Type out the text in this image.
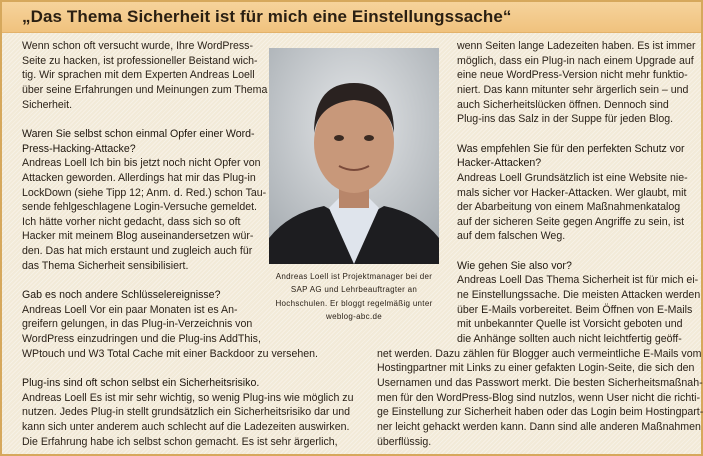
„Das Thema Sicherheit ist für mich eine Einstellungssache“
Andreas Loell ist Projektmanager bei der
SAP AG und Lehrbeauftragter an
Hochschulen. Er bloggt regelmäßig unter
weblog-abc.de
Wenn schon oft versucht wurde, Ihre WordPress-
Seite zu hacken, ist professioneller Beistand wich-
tig. Wir sprachen mit dem Experten Andreas Loell
über seine Erfahrungen und Meinungen zum Thema
Sicherheit.
Waren Sie selbst schon einmal Opfer einer Word-
Press-Hacking-Attacke?
Andreas Loell Ich bin bis jetzt noch nicht Opfer von
Attacken geworden. Allerdings hat mir das Plug-in
LockDown (siehe Tipp 12; Anm. d. Red.) schon Tau-
sende fehlgeschlagene Login-Versuche gemeldet.
Ich hätte vorher nicht gedacht, dass sich so oft
Hacker mit meinem Blog auseinandersetzen wür-
den. Das hat mich erstaunt und zugleich auch für
das Thema Sicherheit sensibilisiert.
Gab es noch andere Schlüsselereignisse?
Andreas Loell Vor ein paar Monaten ist es An-
greifern gelungen, in das Plug-in-Verzeichnis von
WordPress einzudringen und die Plug-ins AddThis,
WPtouch und W3 Total Cache mit einer Backdoor zu versehen.
Plug-ins sind oft schon selbst ein Sicherheitsrisiko.
Andreas Loell Es ist mir sehr wichtig, so wenig Plug-ins wie möglich zu
nutzen. Jedes Plug-in stellt grundsätzlich ein Sicherheitsrisiko dar und
kann sich unter anderem auch schlecht auf die Ladezeiten auswirken.
Die Erfahrung habe ich selbst schon gemacht. Es ist sehr ärgerlich,
wenn Seiten lange Ladezeiten haben. Es ist immer
möglich, dass ein Plug-in nach einem Upgrade auf
eine neue WordPress-Version nicht mehr funktio-
niert. Das kann mitunter sehr ärgerlich sein – und
auch Sicherheitslücken öffnen. Dennoch sind
Plug-ins das Salz in der Suppe für jeden Blog.
Was empfehlen Sie für den perfekten Schutz vor
Hacker-Attacken?
Andreas Loell Grundsätzlich ist eine Website nie-
mals sicher vor Hacker-Attacken. Wer glaubt, mit
der Abarbeitung von einem Maßnahmenkatalog
auf der sicheren Seite gegen Angriffe zu sein, ist
auf dem falschen Weg.
Wie gehen Sie also vor?
Andreas Loell Das Thema Sicherheit ist für mich ei-
ne Einstellungssache. Die meisten Attacken werden
über E-Mails vorbereitet. Beim Öffnen von E-Mails
mit unbekannter Quelle ist Vorsicht geboten und
die Anhänge sollten auch nicht leichtfertig geöff-
net werden. Dazu zählen für Blogger auch vermeintliche E-Mails vom
Hostingpartner mit Links zu einer gefakten Login-Seite, die sich den
Usernamen und das Passwort merkt. Die besten Sicherheitsmaßnah-
men für den WordPress-Blog sind nutzlos, wenn User nicht die richti-
ge Einstellung zur Sicherheit haben oder das Login beim Hostingpart-
ner leicht gehackt werden kann. Dann sind alle anderen Maßnahmen
überflüssig.
